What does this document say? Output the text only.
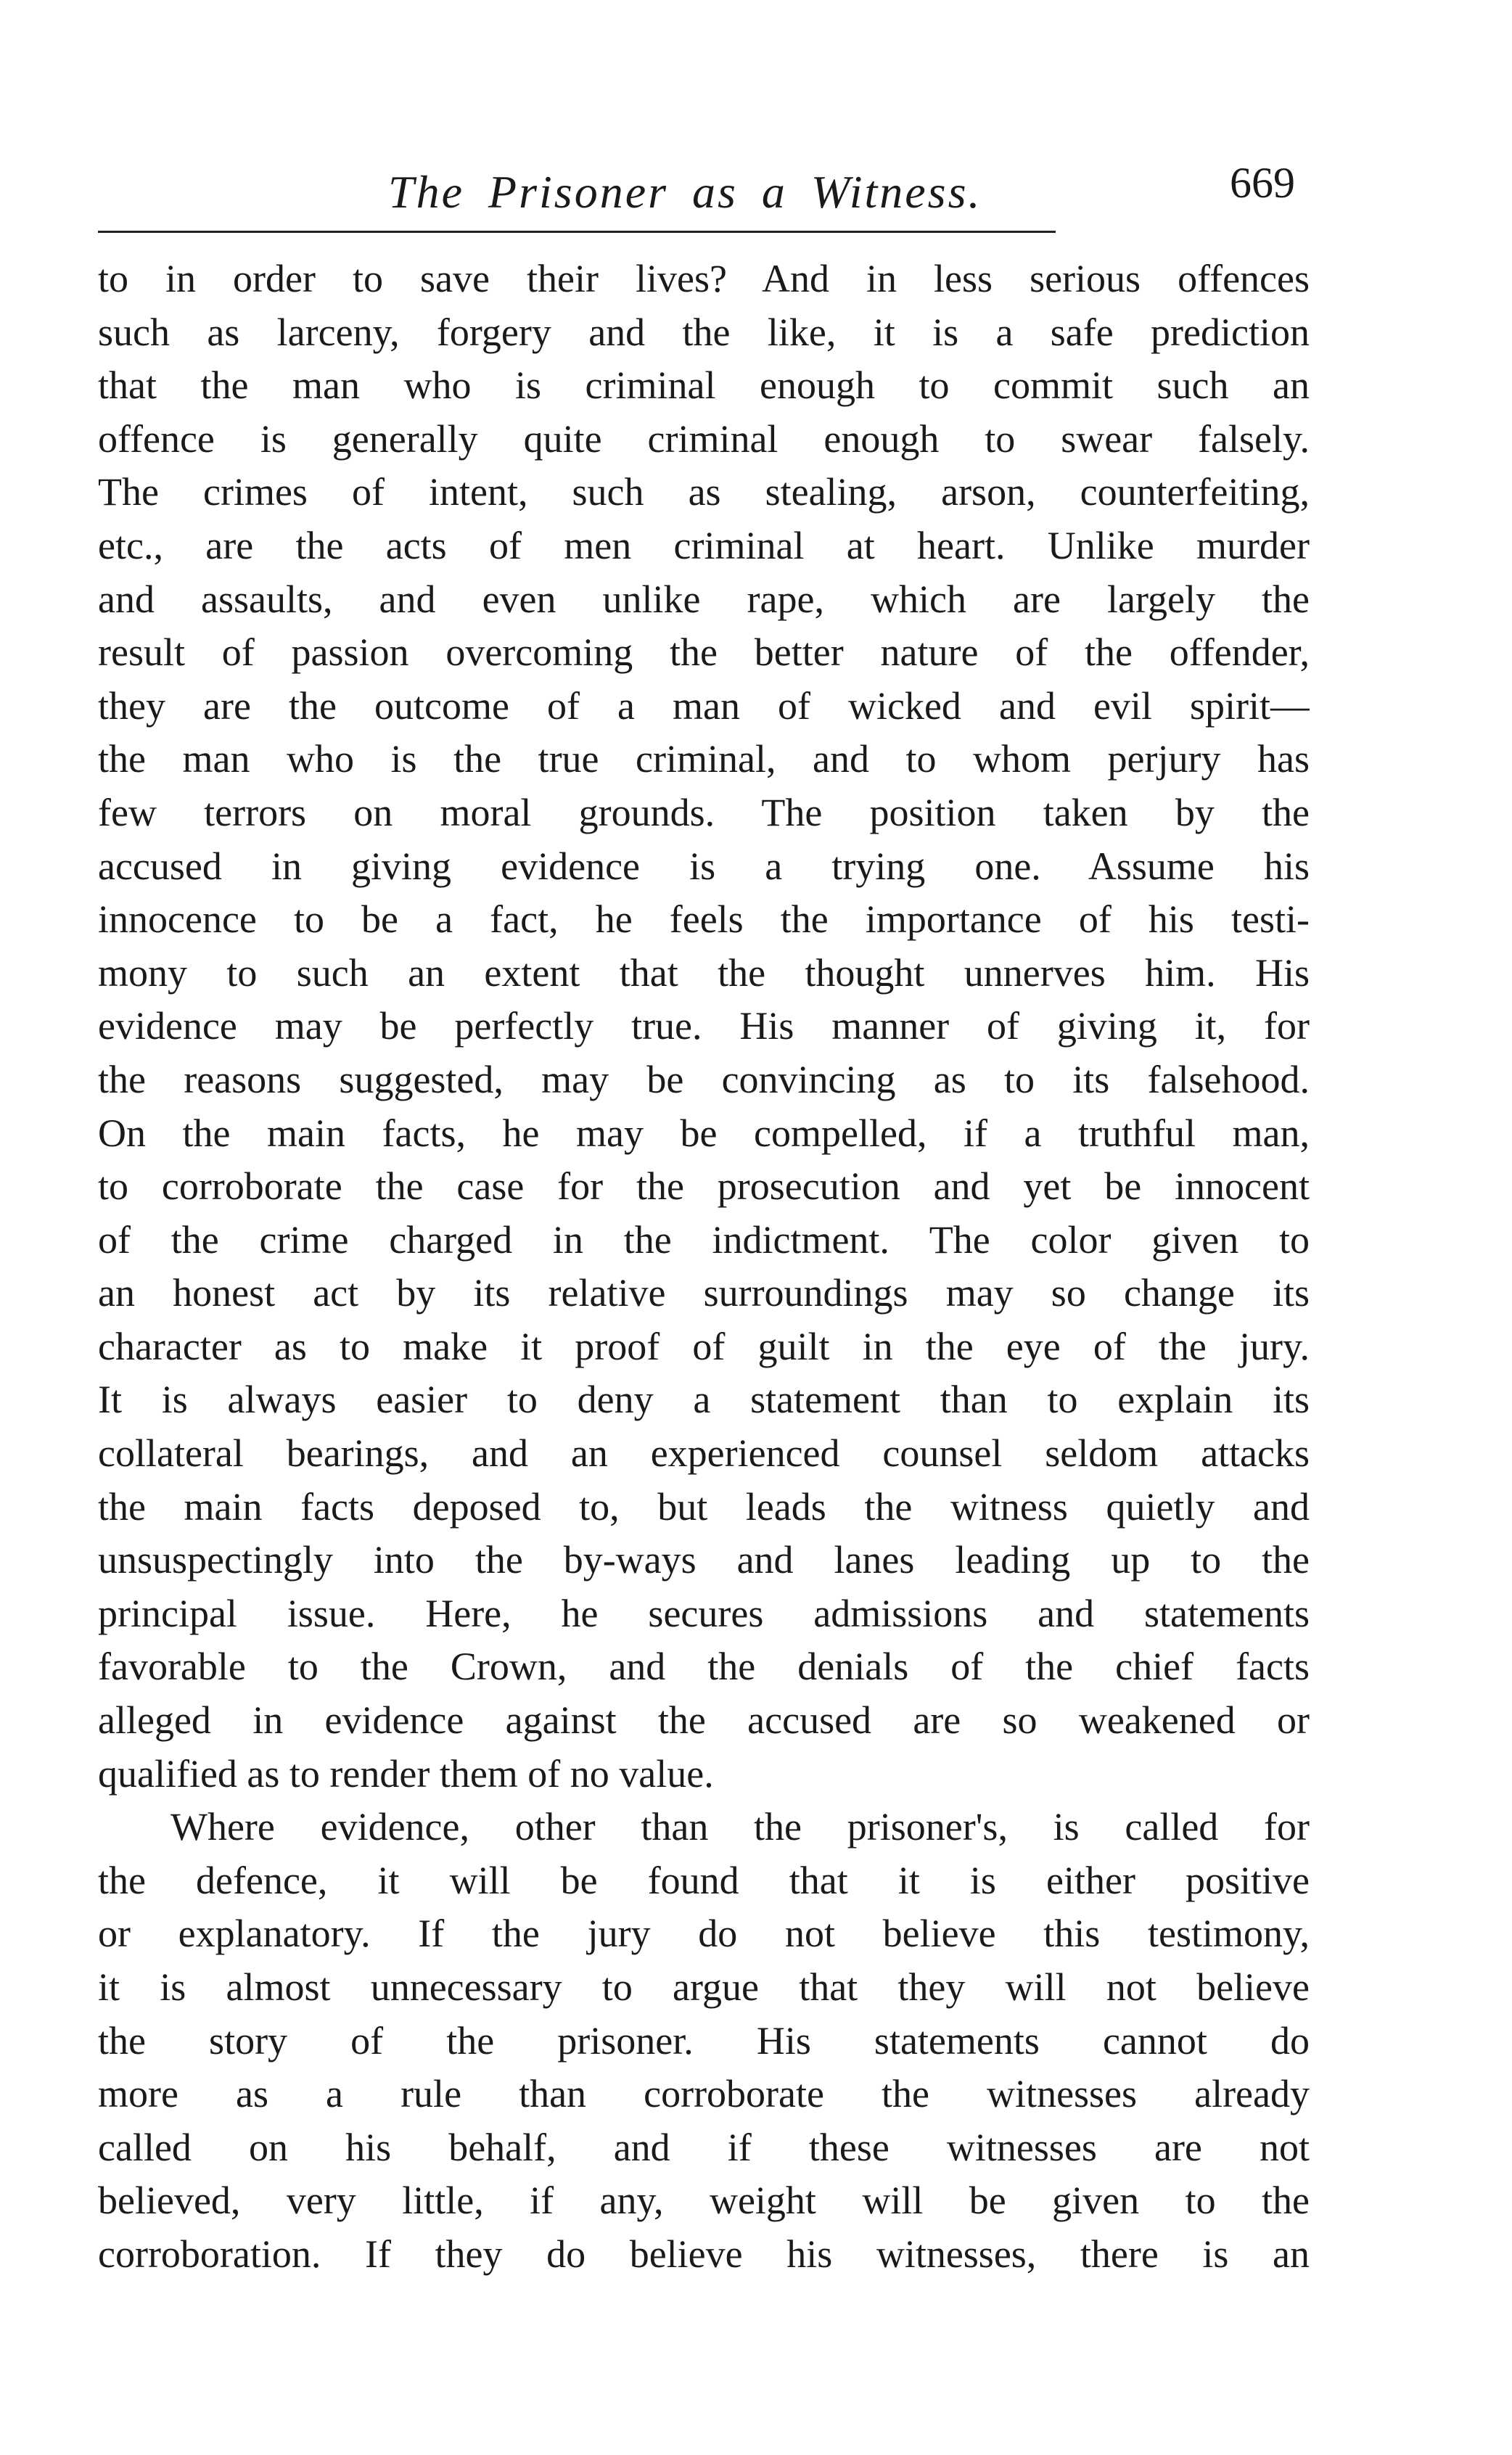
The Prisoner as a Witness.	669
to in order to save their lives? And in less serious offences
such as larceny, forgery and the like, it is a safe prediction
that the man who is criminal enough to commit such an
offence is generally quite criminal enough to swear falsely.
The crimes of intent, such as stealing, arson, counterfeiting,
etc., are the acts of men criminal at heart. Unlike murder
and assaults, and even unlike rape, which are largely the
result of passion overcoming the better nature of the offender,
they are the outcome of a man of wicked and evil spirit—
the man who is the true criminal, and to whom perjury has
few terrors on moral grounds. The position taken by the
accused in giving evidence is a trying one. Assume his
innocence to be a fact, he feels the importance of his testi-
mony to such an extent that the thought unnerves him. His
evidence may be perfectly true. His manner of giving it, for
the reasons suggested, may be convincing as to its falsehood.
On the main facts, he may be compelled, if a truthful man,
to corroborate the case for the prosecution and yet be innocent
of the crime charged in the indictment. The color given to
an honest act by its relative surroundings may so change its
character as to make it proof of guilt in the eye of the jury.
It is always easier to deny a statement than to explain its
collateral bearings, and an experienced counsel seldom attacks
the main facts deposed to, but leads the witness quietly and
unsuspectingly into the by-ways and lanes leading up to the
principal issue. Here, he secures admissions and statements
favorable to the Crown, and the denials of the chief facts
alleged in evidence against the accused are so weakened or
qualified as to render them of no value.
Where evidence, other than the prisoner's, is called for
the defence, it will be found that it is either positive
or explanatory. If the jury do not believe this testimony,
it is almost unnecessary to argue that they will not believe
the story of the prisoner. His statements cannot do
more as a rule than corroborate the witnesses already
called on his behalf, and if these witnesses are not
believed, very little, if any, weight will be given to the
corroboration. If they do believe his witnesses, there is an
